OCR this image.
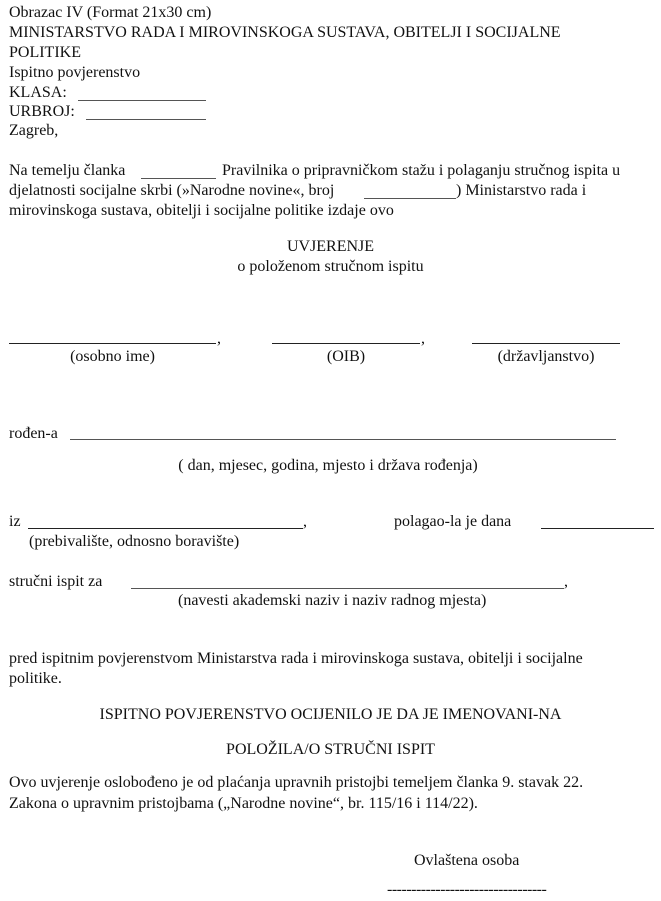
Obrazac IV (Format 21x30 cm)
MINISTARSTVO RADA I MIROVINSKOGA SUSTAVA, OBITELJI I SOCIJALNE
POLITIKE
Ispitno povjerenstvo
KLASA:
URBROJ:
Zagreb,
Na temelju članka	Pravilnika o pripravničkom stažu i polaganju stručnog ispita u
djelatnosti socijalne skrbi (»Narodne novine«, broj	) Ministarstvo rada i
mirovinskoga sustava, obitelji i socijalne politike izdaje ovo
UVJERENJE
o položenom stručnom ispitu
,
(osobno ime)
,
(OIB)	(državljanstvo)
rođen-a
( dan, mjesec, godina, mjesto i država rođenja)
iz	,
(prebivalište, odnosno boravište)
polagao-la je dana
stručni ispit za	,
(navesti akademski naziv i naziv radnog mjesta)
pred ispitnim povjerenstvom Ministarstva rada i mirovinskoga sustava, obitelji i socijalne
politike.
ISPITNO POVJERENSTVO OCIJENILO JE DA JE IMENOVANI-NA
POLOŽILA/O STRUČNI ISPIT
Ovo uvjerenje oslobođeno je od plaćanja upravnih pristojbi temeljem članka 9. stavak 22.
Zakona o upravnim pristojbama („Narodne novine“, br. 115/16 i 114/22).
Ovlaštena osoba
---------------------------------
